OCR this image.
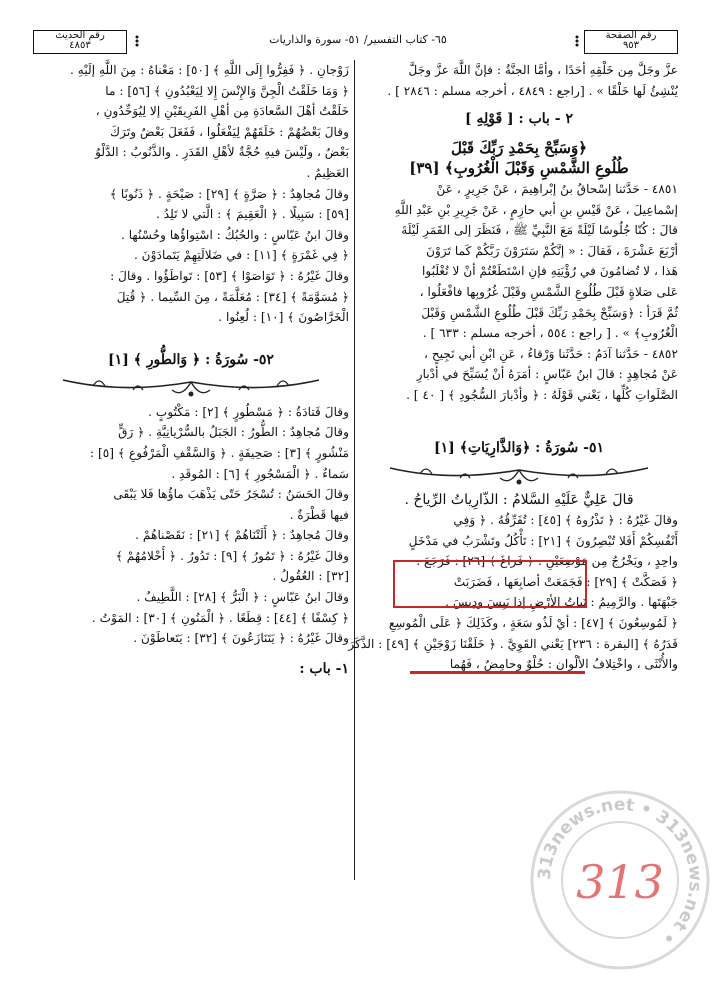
رقم الصفحة
٩٥٣
٦٥- كتاب التفسير/ ٥١- سورة والذاريات
رقم الحديث
٤٨٥٣

عزَّ وجَلَّ مِن خَلْقِهِ أحَدًا ، وأمَّا الجنَّةُ : فإنَّ اللَّهَ عزَّ وجَلَّ

يُنْشِئُ لَها خَلْقًا » . [راجع : ٤٨٤٩ ، أخرجه مسلم : ٢٨٤٦ ] .

٢ - باب : [ قَوْلِهِ ]

﴿وَسَبِّحْ بِحَمْدِ رَبِّكَ قَبْلَ

طُلُوعِ الشَّمْسِ وَقَبْلَ الْغُرُوبِ﴾ [٣٩]

٤٨٥١ - حَدَّثنا إسْحاقُ بنُ إبْراهِيمَ ، عَنْ جَرِيرٍ ، عَنْ

إسْماعِيلَ ، عَنْ قَيْسِ بنِ أبي حازِمٍ ، عَنْ جَرِيرِ بْنِ عَبْدِ اللَّهِ

قالَ : كُنّا جُلُوسًا لَيْلَةً مَعَ النَّبِيِّ ﷺ ، فَنَظَرَ إلى القَمَرِ لَيْلَةَ

أرْبَعَ عَشْرَةَ ، فَقالَ : « إنَّكُمْ سَتَرَوْنَ رَبَّكُمْ كَما تَرَوْنَ

هَذا ، لا تُضامُونَ في رُؤْيَتِهِ فإنِ اسْتَطَعْتُمْ أنْ لا تُغْلَبُوا

عَلى صَلاةٍ قَبْلَ طُلُوعِ الشَّمْسِ وقَبْلَ غُرُوبِها فافْعَلُوا ،

ثُمَّ قَرَأ : ﴿وَسَبِّحْ بِحَمْدِ رَبِّكَ قَبْلَ طُلُوعِ الشَّمْسِ وَقَبْلَ

الْغُرُوبِ﴾ » . [ راجع : ٥٥٤ ، أخرجه مسلم : ٦٣٣ ] .

٤٨٥٢ - حَدَّثنا آدَمُ : حَدَّثَنا وَرْقاءُ ، عَنِ ابْنِ أبي نَجِيحٍ ،

عَنْ مُجاهِدٍ : قالَ ابنُ عَبّاسٍ : أمَرَهُ أنْ يُسَبِّحَ في أدْبارِ

الصَّلَواتِ كُلِّها ، يَعْني قَوْلَهُ : ﴿ وأدْبارَ السُّجُودِ ﴾ [ ٤٠ ] .

٥١- سُورَةُ : ﴿وَالذَّارِيَاتِ﴾ [١]

قالَ عَلِيٌّ عَلَيْهِ السَّلامُ : الذّارِياتُ الرِّياحُ .

وقالَ غَيْرُهُ : ﴿ تَذْرُوهُ ﴾ [٤٥] : تُفَرِّقُهُ . ﴿ وَفِي

أَنْفُسِكُمْ أَفَلا تُبْصِرُونَ ﴾ [٢١] : تَأْكُلُ وتَشْرَبُ في مَدْخَلٍ

واحِدٍ ، ويَخْرُجُ مِن مَوْضِعَيْنِ . ﴿ فَراغَ ﴾ [٢٦] : فَرَجَعَ .

﴿ فَصَكَّتْ ﴾ [٢٩] : فَجَمَعَتْ أصابِعَها ، فَضَرَبَتْ

جَبْهَتَها . والرَّمِيمُ : نَباتُ الأرْضِ إذا يَبِسَ ودِيسَ .

﴿ لَمُوسِعُونَ ﴾ [٤٧] : أيْ لَذُو سَعَةٍ ، وكَذَلِكَ ﴿ عَلَى الْمُوسِعِ

قَدَرُهُ ﴾ [البقرة : ٢٣٦] يَعْني القَوِيَّ . ﴿ خَلَقْنَا زَوْجَيْنِ ﴾ [٤٩] : الذَّكَرَ

والأُنْثَى ، واخْتِلافُ الألْوانِ : حُلْوٌ وحامِضٌ ، فَهُما

زَوْجانِ . ﴿ فَفِرُّوا إِلَى اللَّهِ ﴾ [٥٠] : مَعْناهُ : مِنَ اللَّهِ إلَيْهِ .

﴿ وَمَا خَلَقْتُ الْجِنَّ وَالإِنْسَ إِلا لِيَعْبُدُونِ ﴾ [٥٦] : ما

خَلَقْتُ أهْلَ السَّعادَةِ مِن أهْلِ الفَرِيقَيْنِ إلا لِيُوَحِّدُونِ ،

وقالَ بَعْضُهُمْ : خَلَقَهُمْ لِيَفْعَلُوا ، فَفَعَلَ بَعْضٌ وتَرَكَ

بَعْضٌ ، ولَيْسَ فيهِ حُجَّةٌ لأهْلِ القَدَرِ . والذَّنُوبُ : الدَّلْوُ

العَظِيمُ .

وقالَ مُجاهِدٌ : ﴿ صَرَّةٍ ﴾ [٢٩] : صَيْحَةٍ . ﴿ ذَنُوبًا ﴾

[٥٩] : سَبِيلًا . ﴿ الْعَقِيمَ ﴾ : الَّتي لا تَلِدُ .

وقالَ ابنُ عَبّاسٍ : والحُبُكُ : اسْتِواؤُها وحُسْنُها .

﴿ فِي غَمْرَةٍ ﴾ [١١] : في ضَلالَتِهِمْ يَتَمادَوْنَ .

وقالَ غَيْرُهُ : ﴿ تَوَاصَوْا ﴾ [٥٣] : تَواطَؤُوا . وقالَ :

﴿ مُسَوَّمَةً ﴾ [٣٤] : مُعَلَّمَةً ، مِنَ السِّيما . ﴿ قُتِلَ

الْخَرَّاصُونَ ﴾ [١٠] : لُعِنُوا .

٥٢- سُورَةُ : ﴿ وَالطُّورِ ﴾ [١]

وقالَ قَتادَةُ : ﴿ مَسْطُورٍ ﴾ [٢] : مَكْتُوبٍ .

وقالَ مُجاهِدٌ : الطُّورُ : الجَبَلُ بالسُّرْيانِيَّةِ . ﴿ رَقٍّ

مَنْشُورٍ ﴾ [٣] : صَحِيفَةٍ . ﴿ وَالسَّقْفِ الْمَرْفُوعِ ﴾ [٥] :

سَماءٌ . ﴿ الْمَسْجُورِ ﴾ [٦] : المُوقَدِ .

وقالَ الحَسَنُ : تُسْجَرُ حَتّى يَذْهَبَ ماؤُها فَلا يَبْقَى

فيها قَطْرَةٌ .

وقالَ مُجاهِدٌ : ﴿ أَلَتْنَاهُمْ ﴾ [٢١] : نَقَصْناهُمْ .

وقالَ غَيْرُهُ : ﴿ تَمُورُ ﴾ [٩] : تَدُورُ . ﴿ أَحْلامُهُمْ ﴾

[٣٢] : العُقُولُ .

وقالَ ابنُ عَبّاسٍ : ﴿ الْبَرُّ ﴾ [٢٨] : اللَّطِيفُ .

﴿ كِسْفًا ﴾ [٤٤] : قِطَعًا . ﴿ الْمَنُونِ ﴾ [٣٠] : المَوْتُ .

وقالَ غَيْرُهُ : ﴿ يَتَنَازَعُونَ ﴾ [٣٢] : يَتَعاطَوْنَ .

١- باب :

313news.net • 313news.net •
313
